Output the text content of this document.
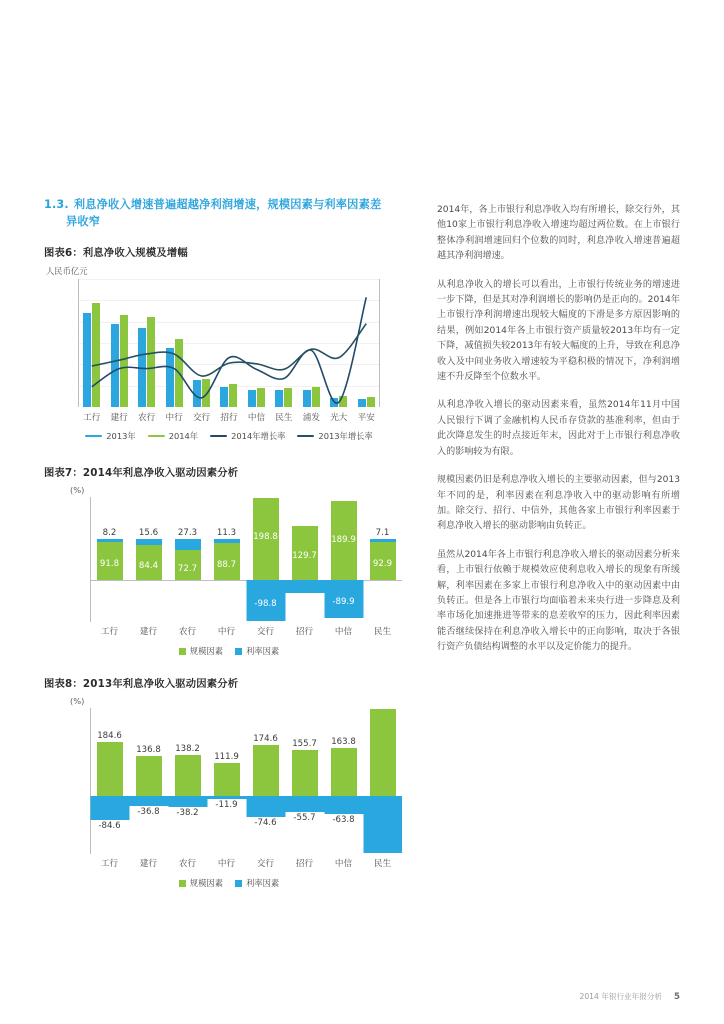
1.3. 利息净收入增速普遍超越净利润增速，规模因素与利率因素差
异收窄
图表6：利息净收入规模及增幅
人民币亿元
工行	建行	农行	中行	交行	招行	中信	民生	浦发	光大	平安
2013年	2014年	2014年增长率	2013年增长率
图表7：2014年利息净收入驱动因素分析
(%)
91.8
8.2
84.4
15.6
72.7
27.3
88.7
11.3 198.8
-98.8
129.7
-29.7
189.9
-89.9
92.9
7.1
工行	建行	农行	中行	交行	招行	中信	民生
规模因素	利率因素
图表8：2013年利息净收入驱动因素分析
(%)
184.6
-84.6
136.8
-36.8
138.2
-38.2
111.9
-11.9
174.6
-74.6
155.7
-55.7
163.8
-63.8
工行	建行	农行	中行	交行	招行	中信	民生
规模因素	利率因素

2014年，各上市银行利息净收入均有所增长，除交行外，其他10家上市银行利息净收入增速均超过两位数。在上市银行整体净利润增速回归个位数的同时，利息净收入增速普遍超越其净利润增速。

从利息净收入的增长可以看出，上市银行传统业务的增速进一步下降，但是其对净利润增长的影响仍是正向的。2014年上市银行净利润增速出现较大幅度的下滑是多方原因影响的结果，例如2014年各上市银行资产质量较2013年均有一定下降，减值损失较2013年有较大幅度的上升，导致在利息净收入及中间业务收入增速较为平稳积极的情况下，净利润增速不升反降至个位数水平。

从利息净收入增长的驱动因素来看，虽然2014年11月中国人民银行下调了金融机构人民币存贷款的基准利率，但由于此次降息发生的时点接近年末，因此对于上市银行利息净收入的影响较为有限。

规模因素仍旧是利息净收入增长的主要驱动因素，但与2013年不同的是，利率因素在利息净收入中的驱动影响有所增加。除交行、招行、中信外，其他各家上市银行利率因素于利息净收入增长的驱动影响由负转正。

虽然从2014年各上市银行利息净收入增长的驱动因素分析来看，上市银行依赖于规模效应使利息收入增长的现象有所缓解，利率因素在多家上市银行利息净收入中的驱动因素中由负转正。但是各上市银行均面临着未来央行进一步降息及利率市场化加速推进等带来的息差收窄的压力，因此利率因素能否继续保持在利息净收入增长中的正向影响，取决于各银行资产负债结构调整的水平以及定价能力的提升。

2014 年银行业年报分析 5
